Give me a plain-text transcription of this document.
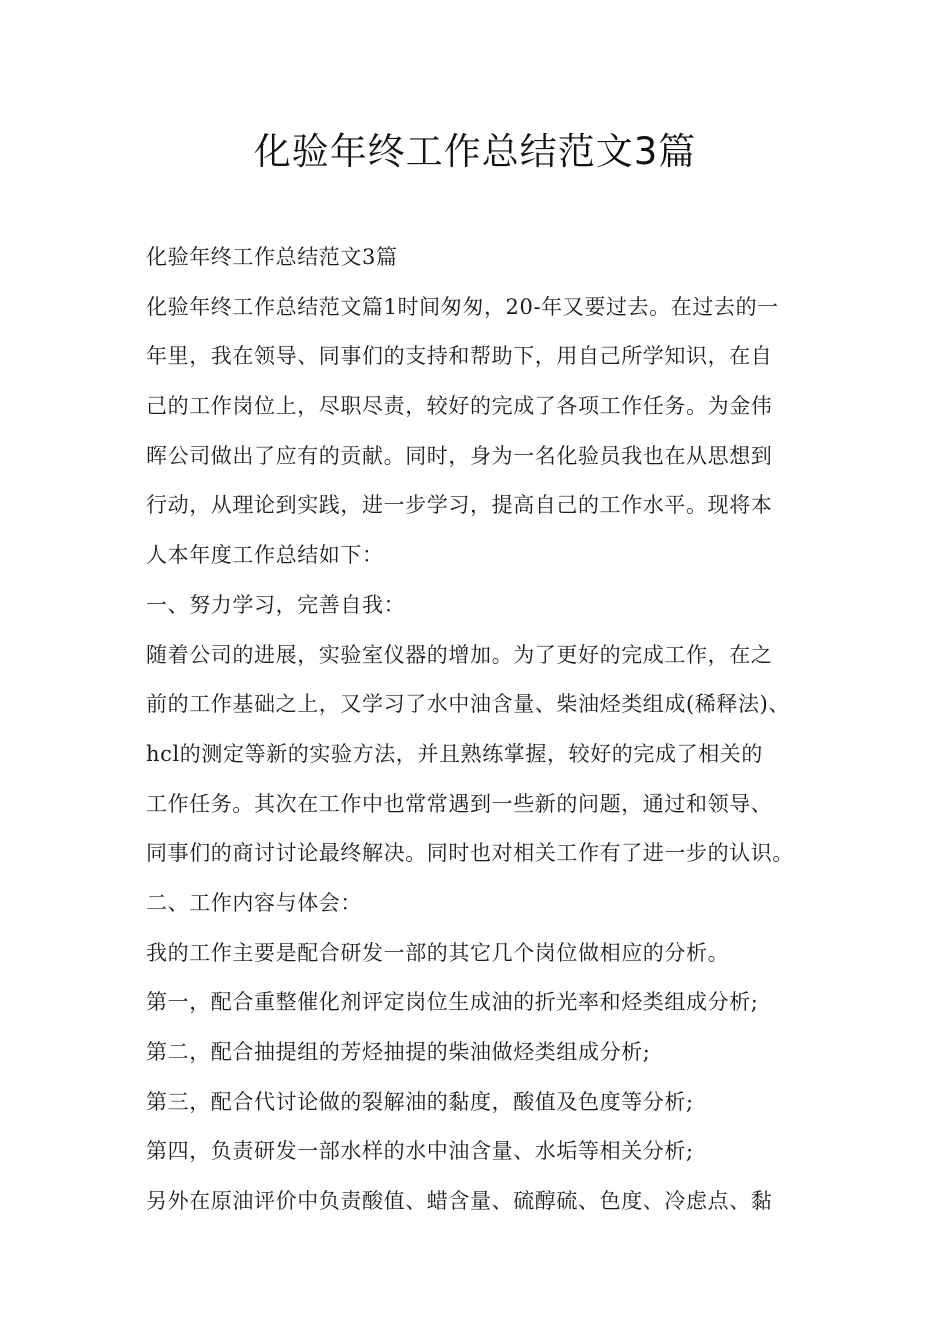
化验年终工作总结范文3篇
化验年终工作总结范文3篇
化验年终工作总结范文篇1时间匆匆，20-年又要过去。在过去的一
年里，我在领导、同事们的支持和帮助下，用自己所学知识，在自
己的工作岗位上，尽职尽责，较好的完成了各项工作任务。为金伟
晖公司做出了应有的贡献。同时，身为一名化验员我也在从思想到
行动，从理论到实践，进一步学习，提高自己的工作水平。现将本
人本年度工作总结如下：
一、努力学习，完善自我：
随着公司的进展，实验室仪器的增加。为了更好的完成工作，在之
前的工作基础之上，又学习了水中油含量、柴油烃类组成(稀释法)、
hcl的测定等新的实验方法，并且熟练掌握，较好的完成了相关的
工作任务。其次在工作中也常常遇到一些新的问题，通过和领导、
同事们的商讨讨论最终解决。同时也对相关工作有了进一步的认识。
二、工作内容与体会：
我的工作主要是配合研发一部的其它几个岗位做相应的分析。
第一，配合重整催化剂评定岗位生成油的折光率和烃类组成分析;
第二，配合抽提组的芳烃抽提的柴油做烃类组成分析;
第三，配合代讨论做的裂解油的黏度，酸值及色度等分析;
第四，负责研发一部水样的水中油含量、水垢等相关分析;
另外在原油评价中负责酸值、蜡含量、硫醇硫、色度、冷虑点、黏
